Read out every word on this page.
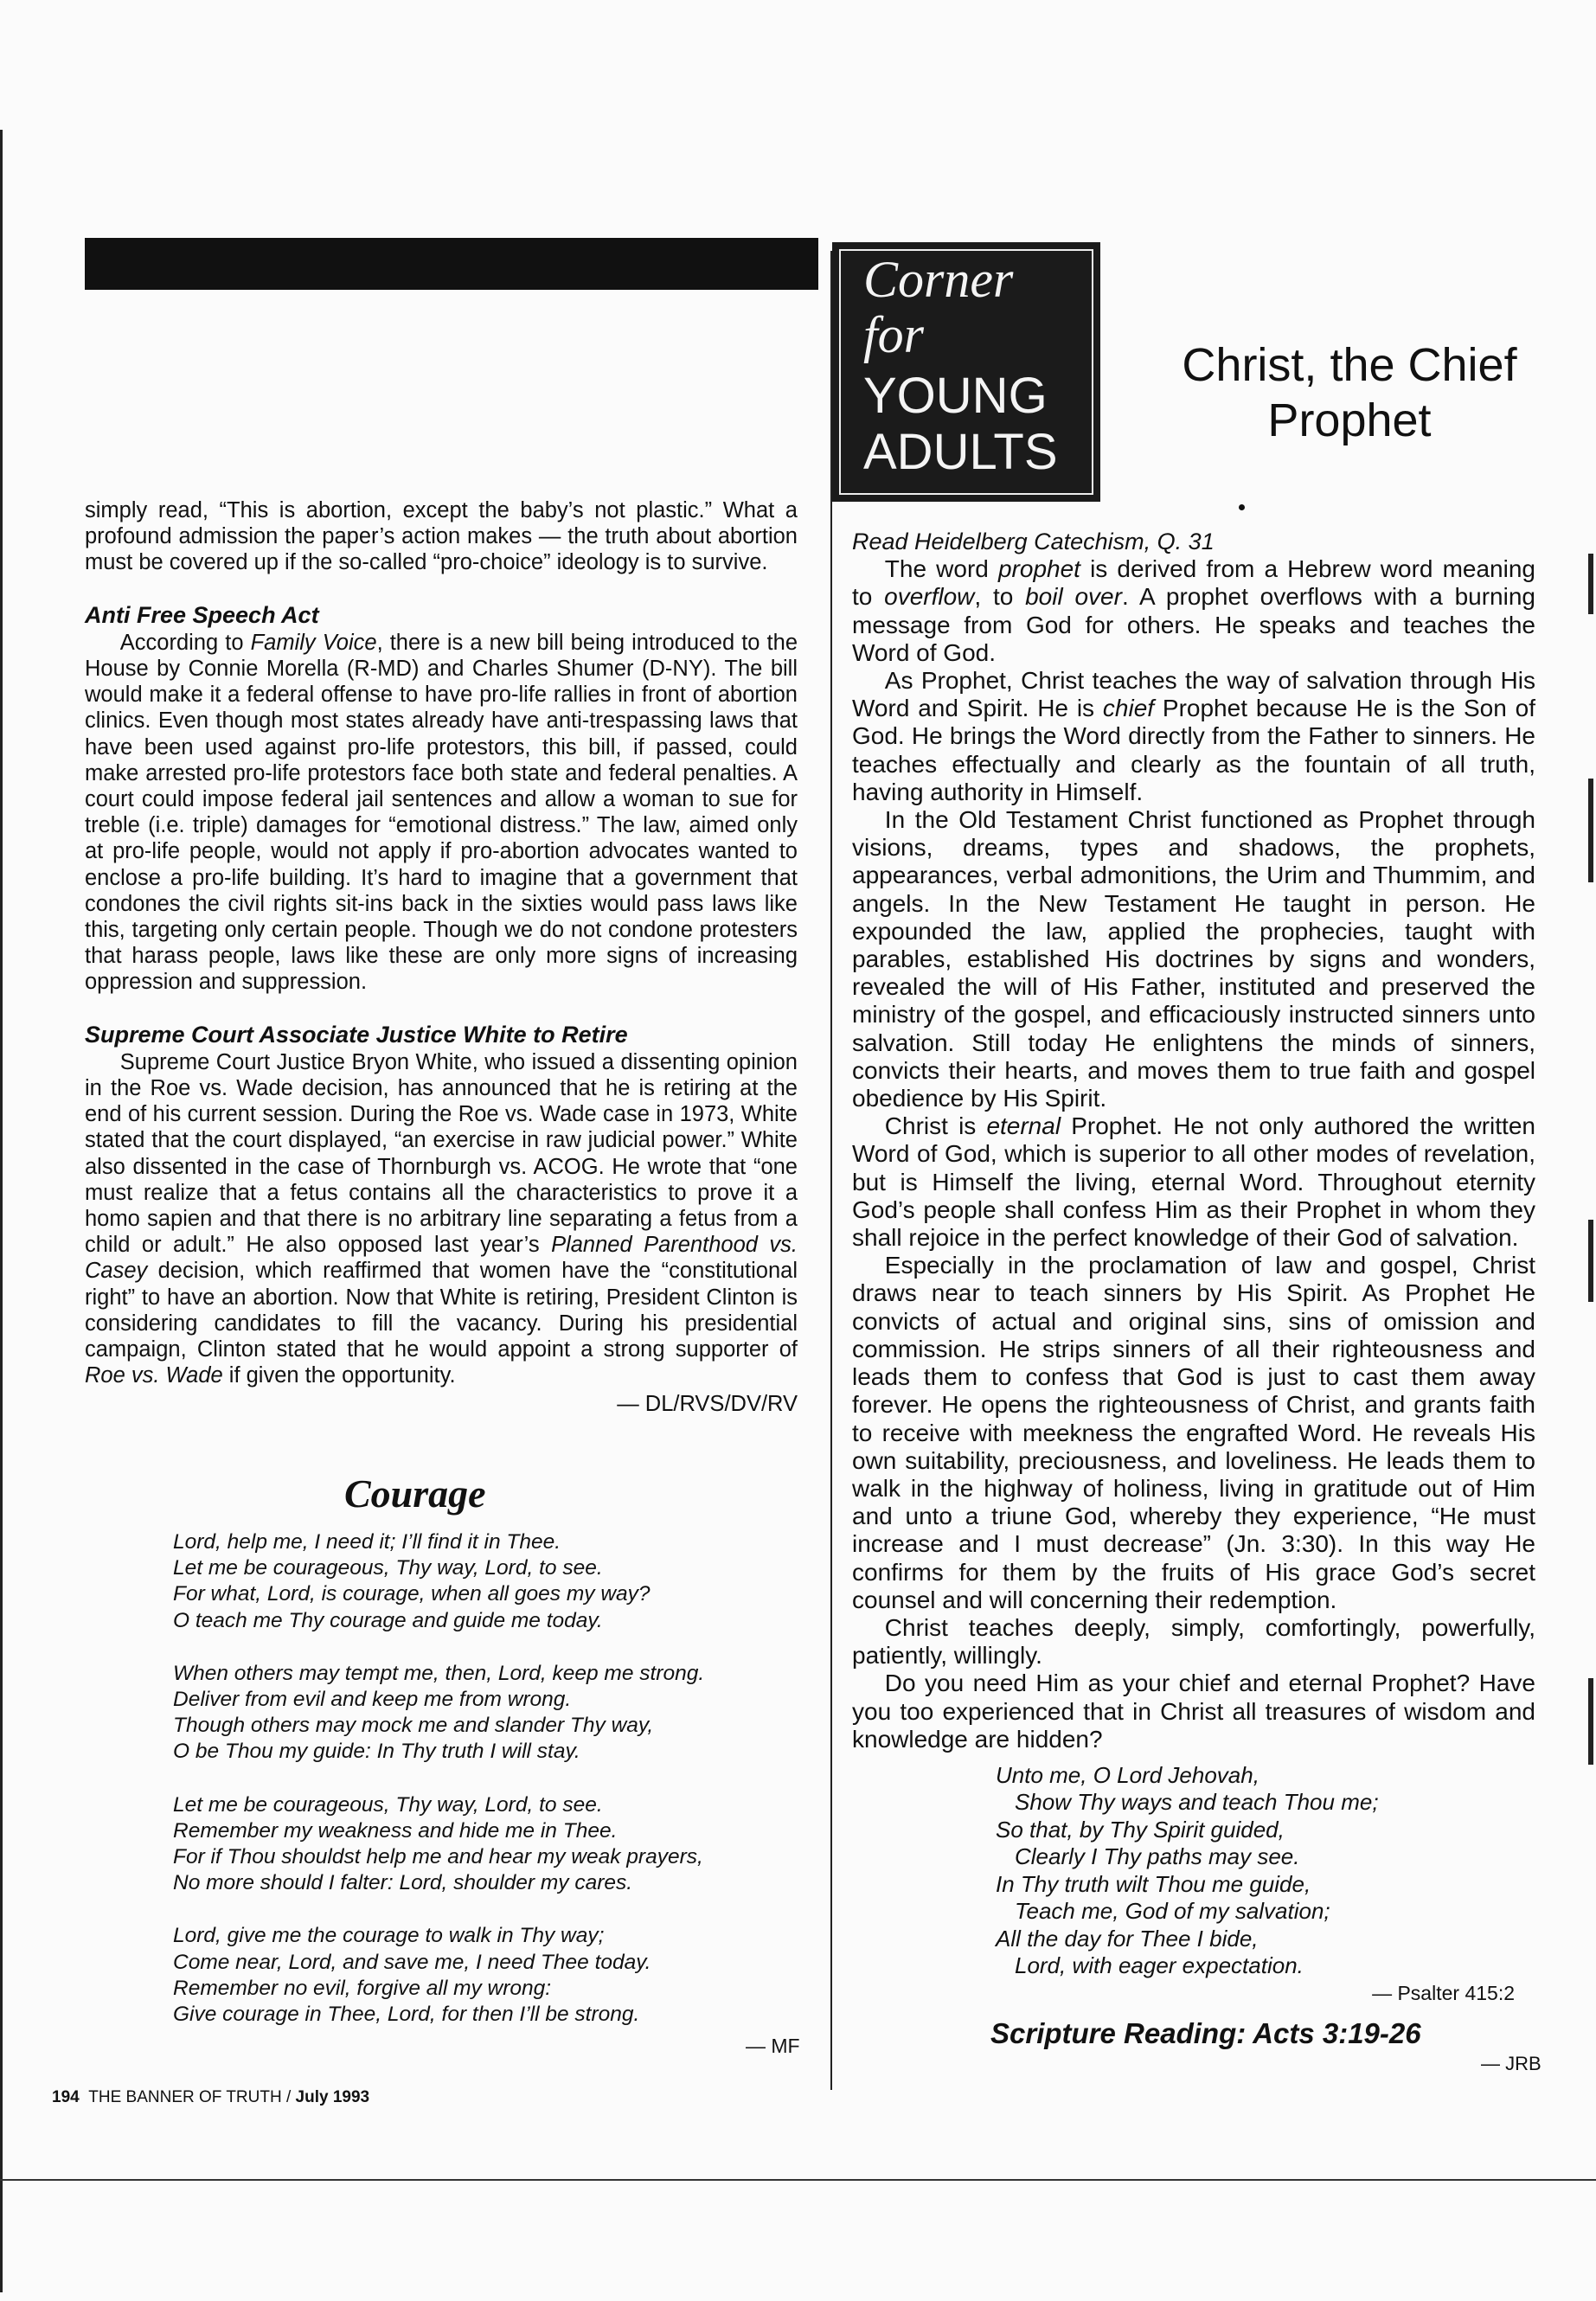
simply read, “This is abortion, except the baby’s not plastic.” What a profound admission the paper’s action makes — the truth about abortion must be covered up if the so-called “pro-choice” ideology is to survive.

Anti Free Speech Act

According to Family Voice, there is a new bill being introduced to the House by Connie Morella (R-MD) and Charles Shumer (D-NY). The bill would make it a federal offense to have pro-life rallies in front of abortion clinics. Even though most states already have anti-trespassing laws that have been used against pro-life protestors, this bill, if passed, could make arrested pro-life protestors face both state and federal penalties. A court could impose federal jail sentences and allow a woman to sue for treble (i.e. triple) damages for “emotional distress.” The law, aimed only at pro-life people, would not apply if pro-abortion advocates wanted to enclose a pro-life building. It’s hard to imagine that a government that condones the civil rights sit-ins back in the sixties would pass laws like this, targeting only certain people. Though we do not condone protesters that harass people, laws like these are only more signs of increasing oppression and suppression.

Supreme Court Associate Justice White to Retire

Supreme Court Justice Bryon White, who issued a dissenting opinion in the Roe vs. Wade decision, has announced that he is retiring at the end of his current session. During the Roe vs. Wade case in 1973, White stated that the court displayed, “an exercise in raw judicial power.” White also dissented in the case of Thornburgh vs. ACOG. He wrote that “one must realize that a fetus contains all the characteristics to prove it a homo sapien and that there is no arbitrary line separating a fetus from a child or adult.” He also opposed last year’s Planned Parenthood vs. Casey decision, which reaffirmed that women have the “constitutional right” to have an abortion. Now that White is retiring, President Clinton is considering candidates to fill the vacancy. During his presidential campaign, Clinton stated that he would appoint a strong supporter of Roe vs. Wade if given the opportunity.

— DL/RVS/DV/RV
Courage
Lord, help me, I need it; I’ll find it in Thee.
Let me be courageous, Thy way, Lord, to see.
For what, Lord, is courage, when all goes my way?
O teach me Thy courage and guide me today.
When others may tempt me, then, Lord, keep me strong.
Deliver from evil and keep me from wrong.
Though others may mock me and slander Thy way,
O be Thou my guide: In Thy truth I will stay.
Let me be courageous, Thy way, Lord, to see.
Remember my weakness and hide me in Thee.
For if Thou shouldst help me and hear my weak prayers,
No more should I falter: Lord, shoulder my cares.
Lord, give me the courage to walk in Thy way;
Come near, Lord, and save me, I need Thee today.
Remember no evil, forgive all my wrong:
Give courage in Thee, Lord, for then I’ll be strong.
— MF
194 THE BANNER OF TRUTH / July 1993
Corner
for
YOUNG
ADULTS
Christ, the Chief
Prophet

Read Heidelberg Catechism, Q. 31

The word prophet is derived from a Hebrew word meaning to overflow, to boil over. A prophet overflows with a burning message from God for others. He speaks and teaches the Word of God.

As Prophet, Christ teaches the way of salvation through His Word and Spirit. He is chief Prophet because He is the Son of God. He brings the Word directly from the Father to sinners. He teaches effectually and clearly as the fountain of all truth, having authority in Himself.

In the Old Testament Christ functioned as Prophet through visions, dreams, types and shadows, the prophets, appearances, verbal admonitions, the Urim and Thummim, and angels. In the New Testament He taught in person. He expounded the law, applied the prophecies, taught with parables, established His doctrines by signs and wonders, revealed the will of His Father, instituted and preserved the ministry of the gospel, and efficaciously instructed sinners unto salvation. Still today He enlightens the minds of sinners, convicts their hearts, and moves them to true faith and gospel obedience by His Spirit.

Christ is eternal Prophet. He not only authored the written Word of God, which is superior to all other modes of revelation, but is Himself the living, eternal Word. Throughout eternity God’s people shall confess Him as their Prophet in whom they shall rejoice in the perfect knowledge of their God of salvation.

Especially in the proclamation of law and gospel, Christ draws near to teach sinners by His Spirit. As Prophet He convicts of actual and original sins, sins of omission and commission. He strips sinners of all their righteousness and leads them to confess that God is just to cast them away forever. He opens the righteousness of Christ, and grants faith to receive with meekness the engrafted Word. He reveals His own suitability, preciousness, and loveliness. He leads them to walk in the highway of holiness, living in gratitude out of Him and unto a triune God, whereby they experience, “He must increase and I must decrease” (Jn. 3:30). In this way He confirms for them by the fruits of His grace God’s secret counsel and will concerning their redemption.

Christ teaches deeply, simply, comfortingly, powerfully, patiently, willingly.

Do you need Him as your chief and eternal Prophet? Have you too experienced that in Christ all treasures of wisdom and knowledge are hidden?

Unto me, O Lord Jehovah,
Show Thy ways and teach Thou me;
So that, by Thy Spirit guided,
Clearly I Thy paths may see.
In Thy truth wilt Thou me guide,
Teach me, God of my salvation;
All the day for Thee I bide,
Lord, with eager expectation.
— Psalter 415:2
Scripture Reading: Acts 3:19-26
— JRB
